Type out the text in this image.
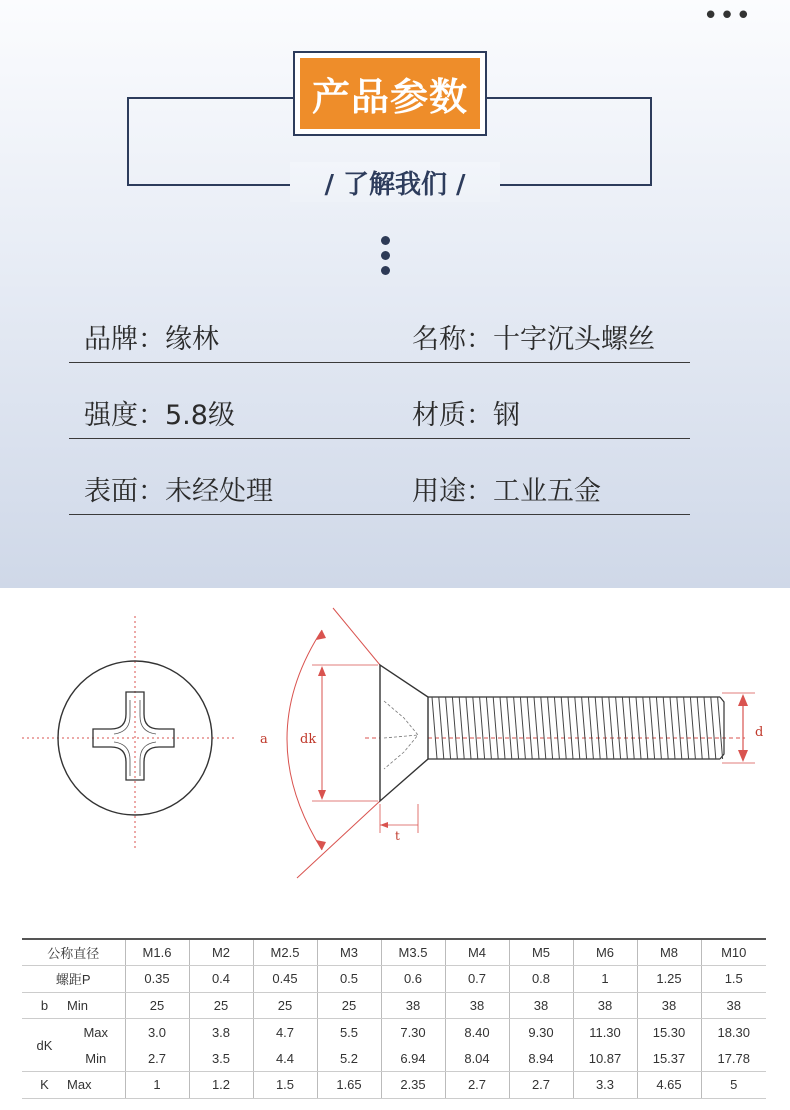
•••
产品参数
/ 了解我们 /
品牌：缘林	名称：十字沉头螺丝
强度：5.8级	材质：钢
表面：未经处理	用途：工业五金
a dk	d
t
公称直径		M1.6	M2	M2.5	M3	M3.5	M4	M5	M6	M8	M10
螺距P		0.35	0.4	0.45	0.5	0.6	0.7	0.8	1	1.25	1.5
b	Min	25	25	25	25	38	38	38	38	38	38
dK	Max	3.0	3.8	4.7	5.5	7.30	8.40	9.30	11.30	15.30	18.30
	Min	2.7	3.5	4.4	5.2	6.94	8.04	8.94	10.87	15.37	17.78
K	Max	1	1.2	1.5	1.65	2.35	2.7	2.7	3.3	4.65	5
